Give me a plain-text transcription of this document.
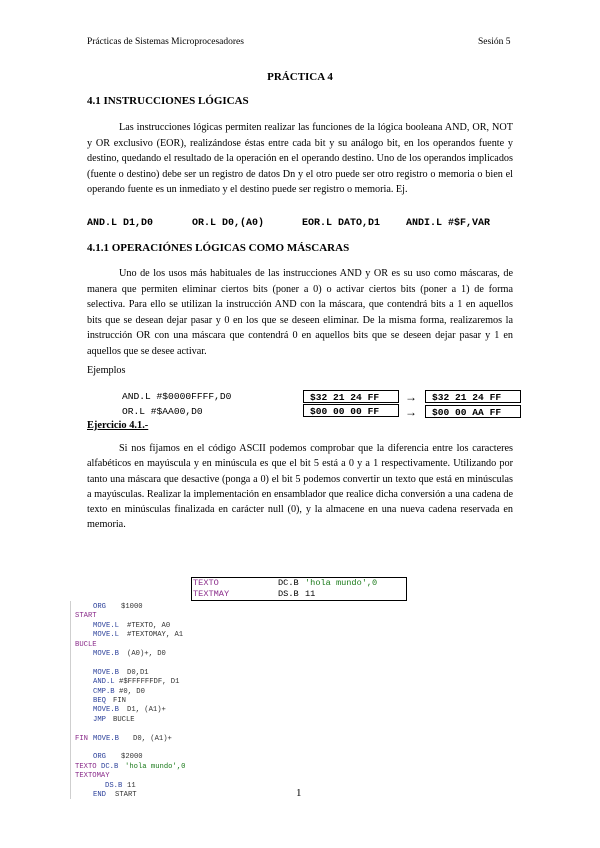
Prácticas de Sistemas Microprocesadores	Sesión 5
PRÁCTICA 4
4.1 INSTRUCCIONES LÓGICAS

Las instrucciones lógicas permiten realizar las funciones de la lógica booleana AND, OR, NOT y OR exclusivo (EOR), realizándose éstas entre cada bit y su análogo bit, en los operandos fuente y destino, quedando el resultado de la operación en el operando destino. Uno de los operandos implicados (fuente o destino) debe ser un registro de datos Dn y el otro puede ser otro registro o memoria o bien el operando fuente es un inmediato y el destino puede ser registro o memoria. Ej.

AND.L D1,D0	OR.L D0,(A0)	EOR.L DATO,D1	ANDI.L #$F,VAR
4.1.1 OPERACIÓNES LÓGICAS COMO MÁSCARAS

Uno de los usos más habituales de las instrucciones AND y OR es su uso como máscaras, de manera que permiten eliminar ciertos bits (poner a 0) o activar ciertos bits (poner a 1) de forma selectiva. Para ello se utilizan la instrucción AND con la máscara, que contendrá bits a 1 en aquellos bits que se desean dejar pasar y 0 en los que se deseen eliminar. De la misma forma, realizaremos la instrucción OR con una máscara que contendrá 0 en aquellos bits que se deseen dejar pasar y 1 en aquellos que se desee activar.

Ejemplos
AND.L #$0000FFFF,D0	$32 21 24 FF	→	$32 21 24 FF
OR.L #$AA00,D0	$00 00 00 FF	→	$00 00 AA FF
Ejercicio 4.1.-

Si nos fijamos en el código ASCII podemos comprobar que la diferencia entre los caracteres alfabéticos en mayúscula y en minúscula es que el bit 5 está a 0 y a 1 respectivamente. Utilizando por tanto una máscara que desactive (ponga a 0) el bit 5 podemos convertir un texto que está en minúsculas a mayúsculas. Realizar la implementación en ensamblador que realice dicha conversión a una cadena de texto en minúsculas finalizada en carácter null (0), y la almacene en una nueva cadena reservada en memoria.

TEXTO	DC.B 'hola mundo',0
TEXTMAY	DS.B 11
ORG $1000
START
MOVE.L #TEXTO, A0
MOVE.L #TEXTOMAY, A1
BUCLE
MOVE.B (A0)+, D0
MOVE.B D0,D1
AND.L #$FFFFFFDF, D1
CMP.B #0, D0
BEQ FIN
MOVE.B D1, (A1)+
JMP BUCLE
FIN MOVE.B D0, (A1)+
ORG $2000
TEXTO DC.B 'hola mundo',0
TEXTOMAY
DS.B 11
END START	1
